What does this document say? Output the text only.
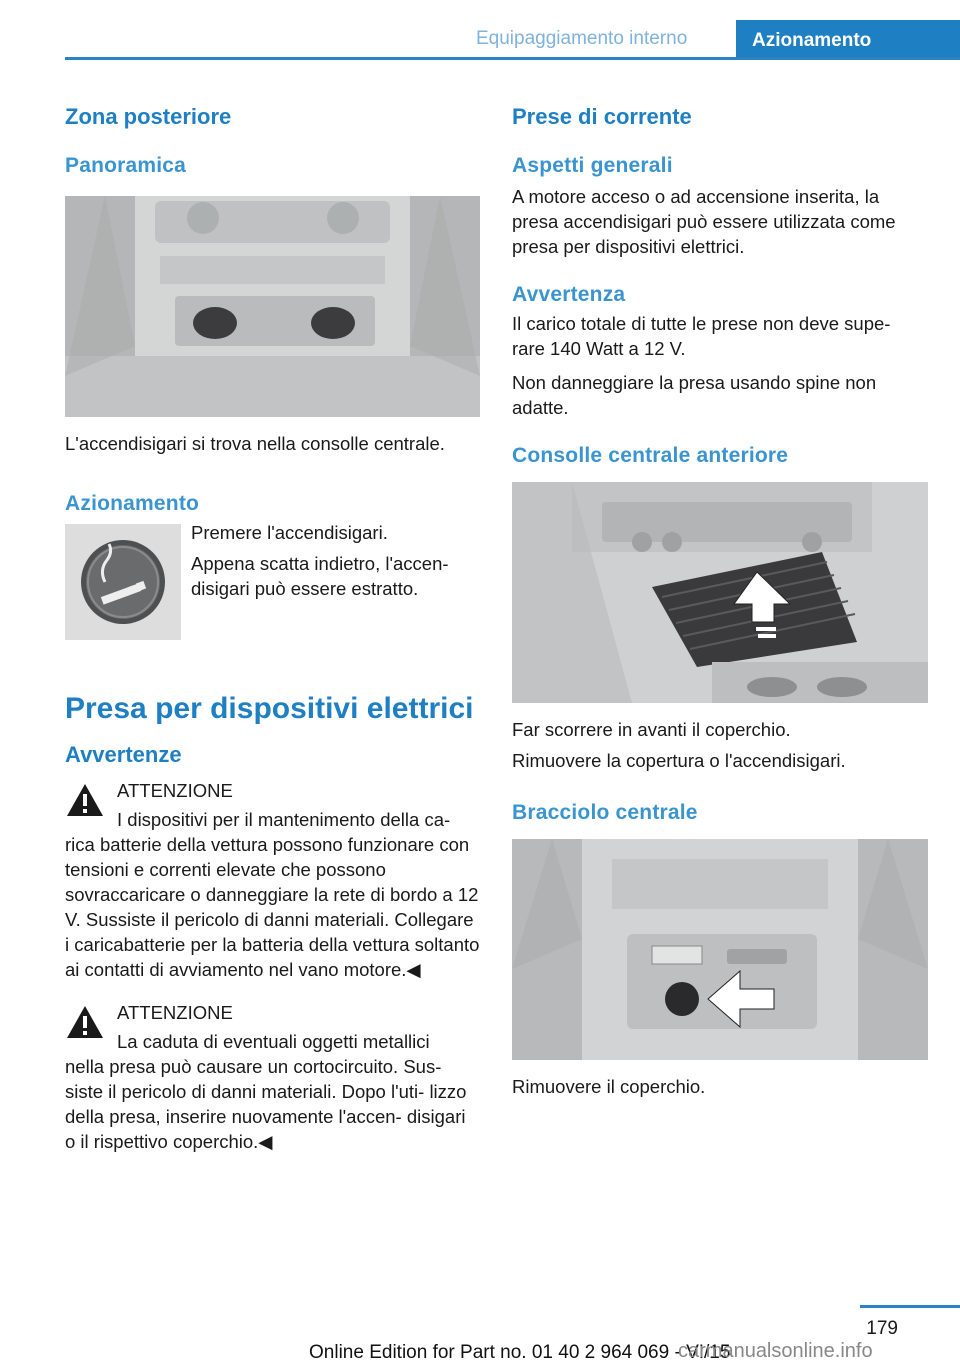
Equipaggiamento interno	Azionamento
Zona posteriore
Panoramica

L'accendisigari si trova nella consolle centrale.

Azionamento

Premere l'accendisigari.

Appena scatta indietro, l'accen‐

disigari può essere estratto.

Presa per dispositivi elettrici
Avvertenze

ATTENZIONE

I dispositivi per il mantenimento della ca‐

rica batterie della vettura possono funzionare con tensioni e correnti elevate che possono sovraccaricare o danneggiare la rete di bordo a 12 V. Sussiste il pericolo di danni materiali. Collegare i caricabatterie per la batteria della vettura soltanto ai contatti di avviamento nel vano motore.◀

ATTENZIONE

La caduta di eventuali oggetti metallici

nella presa può causare un cortocircuito. Sus‐ siste il pericolo di danni materiali. Dopo l'uti‐ lizzo della presa, inserire nuovamente l'accen‐ disigari o il rispettivo coperchio.◀

Prese di corrente
Aspetti generali

A motore acceso o ad accensione inserita, la presa accendisigari può essere utilizzata come presa per dispositivi elettrici.

Avvertenza

Il carico totale di tutte le prese non deve supe‐ rare 140 Watt a 12 V.

Non danneggiare la presa usando spine non adatte.

Consolle centrale anteriore

Far scorrere in avanti il coperchio.

Rimuovere la copertura o l'accendisigari.

Bracciolo centrale

Rimuovere il coperchio.

179
Online Edition for Part no. 01 40 2 964 069 - VI/15
carmanualsonline.info
